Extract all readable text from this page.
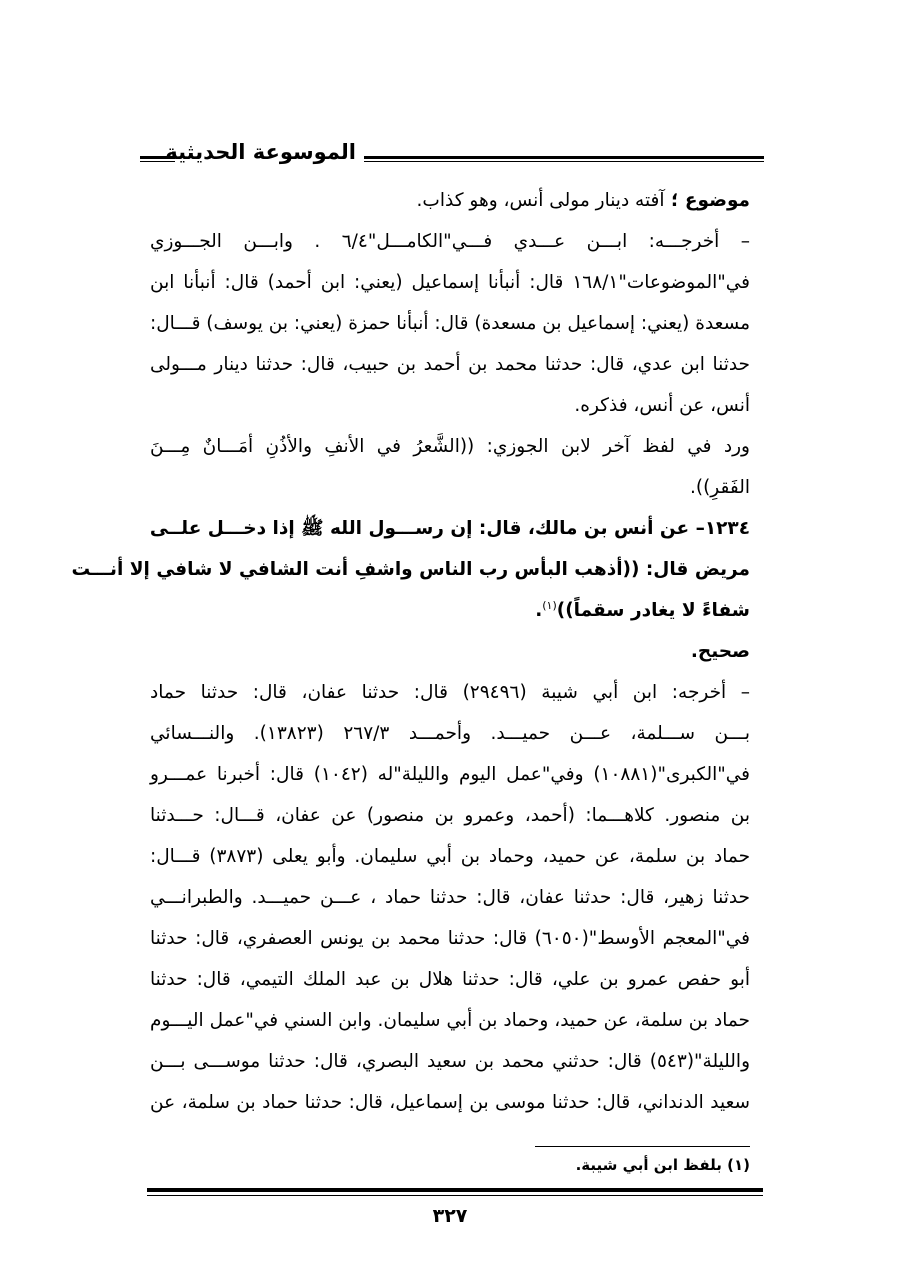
الموسوعة الحديثية
موضوع ؛ آفته دينار مولى أنس، وهو كذاب.
– أخرجـــه: ابـــن عـــدي فـــي"الكامـــل"٦/٤ . وابـــن الجـــوزي
في"الموضوعات"١٦٨/١ قال: أنبأنا إسماعيل (يعني: ابن أحمد) قال: أنبأنا ابن
مسعدة (يعني: إسماعيل بن مسعدة) قال: أنبأنا حمزة (يعني: بن يوسف) قـــال:
حدثنا ابن عدي، قال: حدثنا محمد بن أحمد بن حبيب، قال: حدثنا دينار مـــولى
أنس، عن أنس، فذكره.
ورد في لفظ آخر لابن الجوزي: ((الشَّعرُ في الأنفِ والأذُنِ أمَـــانٌ مِـــنَ
الفَقرِ)).
١٢٣٤– عن أنس بن مالك، قال: إن رســـول الله ﷺ إذا دخـــل علــى
مريض قال: ((أذهب البأس رب الناس واشفِ أنت الشافي لا شافي إلا أنـــت
شفاءً لا يغادر سقماً))$^{(١)}$.
صحيح.
– أخرجه: ابن أبي شيبة (٢٩٤٩٦) قال: حدثنا عفان، قال: حدثنا حماد
بـــن ســـلمة، عـــن حميـــد. وأحمـــد ٢٦٧/٣ (١٣٨٢٣). والنـــسائي
في"الكبرى"(١٠٨٨١) وفي"عمل اليوم والليلة"له (١٠٤٢) قال: أخبرنا عمـــرو
بن منصور. كلاهـــما: (أحمد، وعمرو بن منصور) عن عفان، قـــال: حـــدثنا
حماد بن سلمة، عن حميد، وحماد بن أبي سليمان. وأبو يعلى (٣٨٧٣) قـــال:
حدثنا زهير، قال: حدثنا عفان، قال: حدثنا حماد ، عـــن حميـــد. والطبرانـــي
في"المعجم الأوسط"(٦٠٥٠) قال: حدثنا محمد بن يونس العصفري، قال: حدثنا
أبو حفص عمرو بن علي، قال: حدثنا هلال بن عبد الملك التيمي، قال: حدثنا
حماد بن سلمة، عن حميد، وحماد بن أبي سليمان. وابن السني في"عمل اليـــوم
والليلة"(٥٤٣) قال: حدثني محمد بن سعيد البصري، قال: حدثنا موســـى بـــن
سعيد الدنداني، قال: حدثنا موسى بن إسماعيل، قال: حدثنا حماد بن سلمة، عن
(١) بلفظ ابن أبي شيبة.
٣٢٧
